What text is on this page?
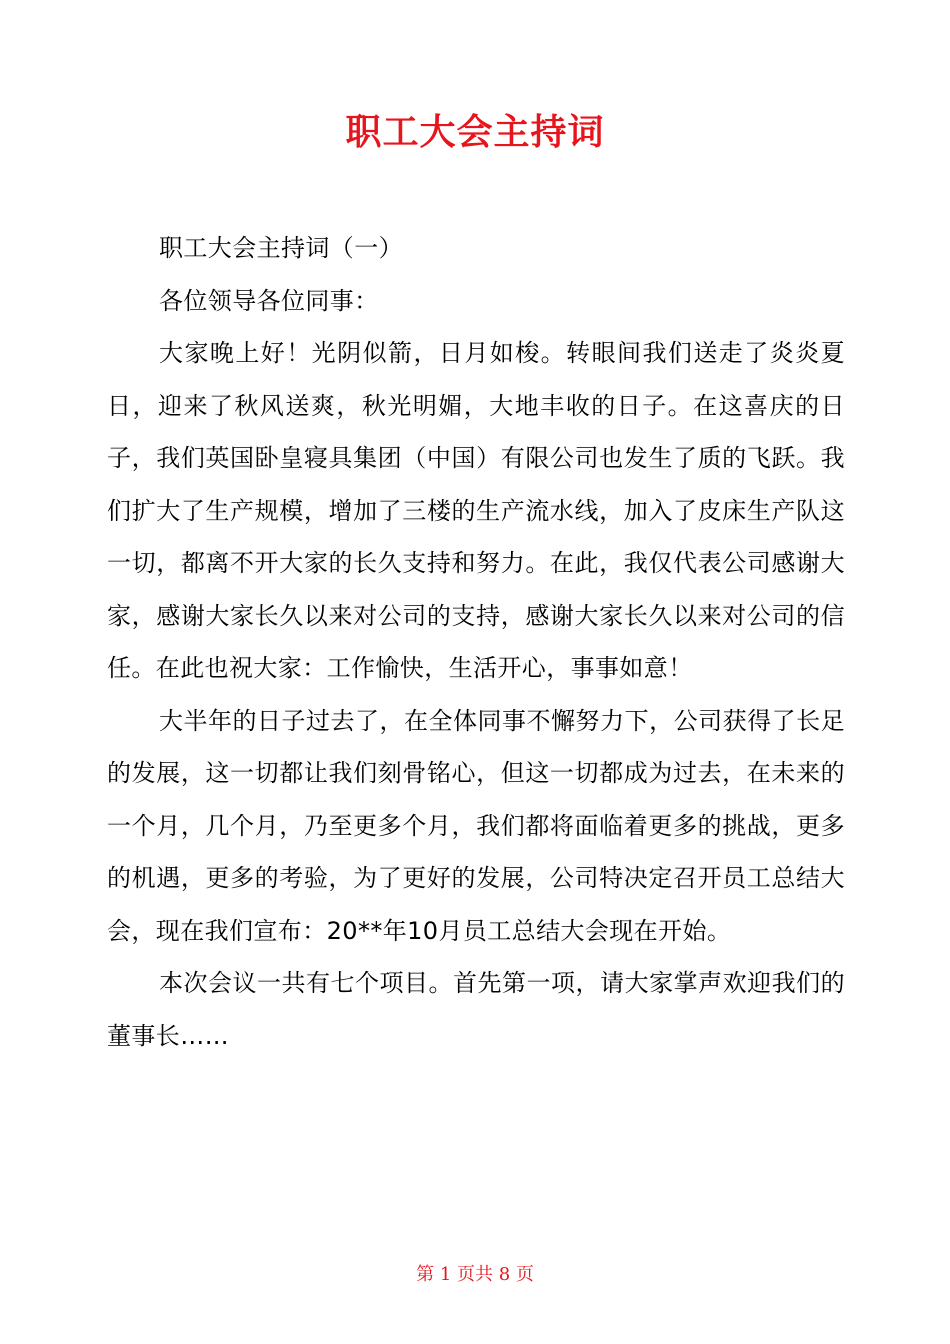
职工大会主持词

职工大会主持词（一）

各位领导各位同事：

大家晚上好！光阴似箭，日月如梭。转眼间我们送走了炎炎夏日，迎来了秋风送爽，秋光明媚，大地丰收的日子。在这喜庆的日子，我们英国卧皇寝具集团（中国）有限公司也发生了质的飞跃。我们扩大了生产规模，增加了三楼的生产流水线，加入了皮床生产队这一切，都离不开大家的长久支持和努力。在此，我仅代表公司感谢大家，感谢大家长久以来对公司的支持，感谢大家长久以来对公司的信任。在此也祝大家：工作愉快，生活开心，事事如意！

大半年的日子过去了，在全体同事不懈努力下，公司获得了长足的发展，这一切都让我们刻骨铭心，但这一切都成为过去，在未来的一个月，几个月，乃至更多个月，我们都将面临着更多的挑战，更多的机遇，更多的考验，为了更好的发展，公司特决定召开员工总结大会，现在我们宣布：20**年10月员工总结大会现在开始。

本次会议一共有七个项目。首先第一项，请大家掌声欢迎我们的董事长……

第 1 页共 8 页
